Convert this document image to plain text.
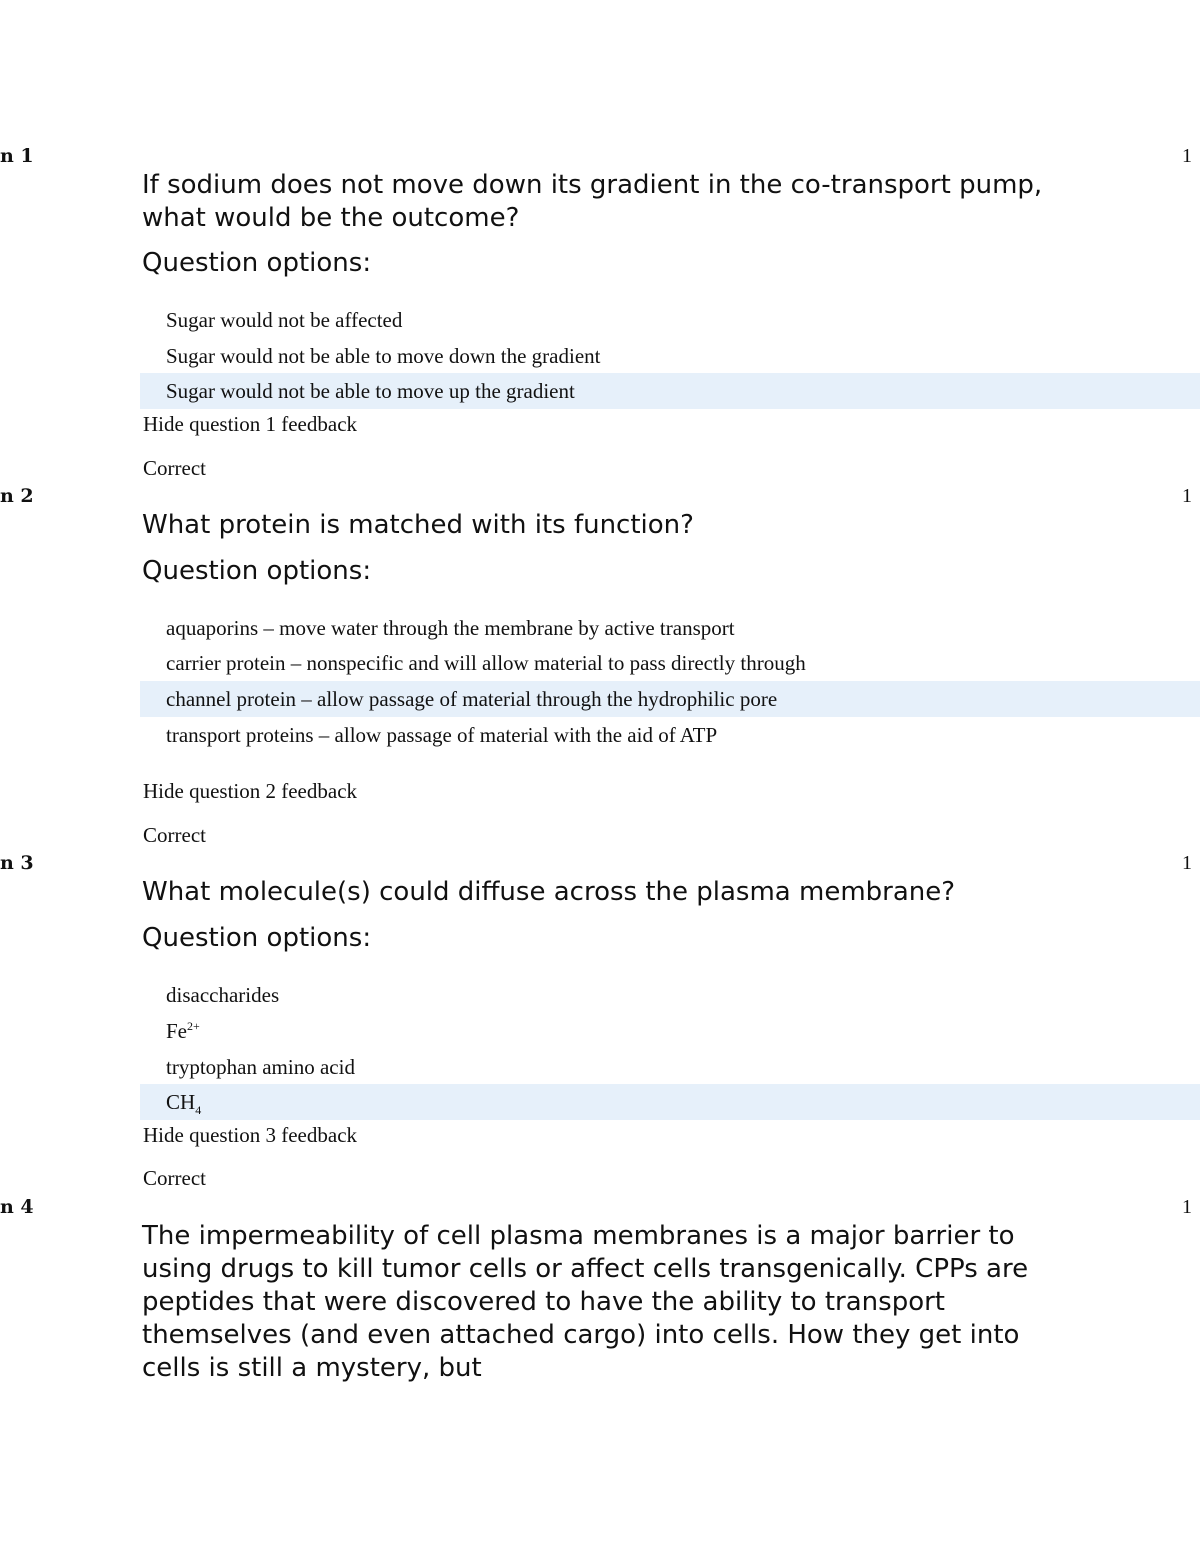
n 1	1
If sodium does not move down its gradient in the co-transport pump, what would be the outcome?
Question options:
Sugar would not be affected
Sugar would not be able to move down the gradient
Sugar would not be able to move up the gradient
Hide question 1 feedback
Correct
n 2	1
What protein is matched with its function?
Question options:
aquaporins – move water through the membrane by active transport
carrier protein – nonspecific and will allow material to pass directly through
channel protein – allow passage of material through the hydrophilic pore
transport proteins – allow passage of material with the aid of ATP
Hide question 2 feedback
Correct
n 3	1
What molecule(s) could diffuse across the plasma membrane?
Question options:
disaccharides
$Fe^{2+}$
tryptophan amino acid
$CH_4$
Hide question 3 feedback
Correct
n 4	1
The impermeability of cell plasma membranes is a major barrier to using drugs to kill tumor cells or affect cells transgenically. CPPs are peptides that were discovered to have the ability to transport themselves (and even attached cargo) into cells. How they get into cells is still a mystery, but
